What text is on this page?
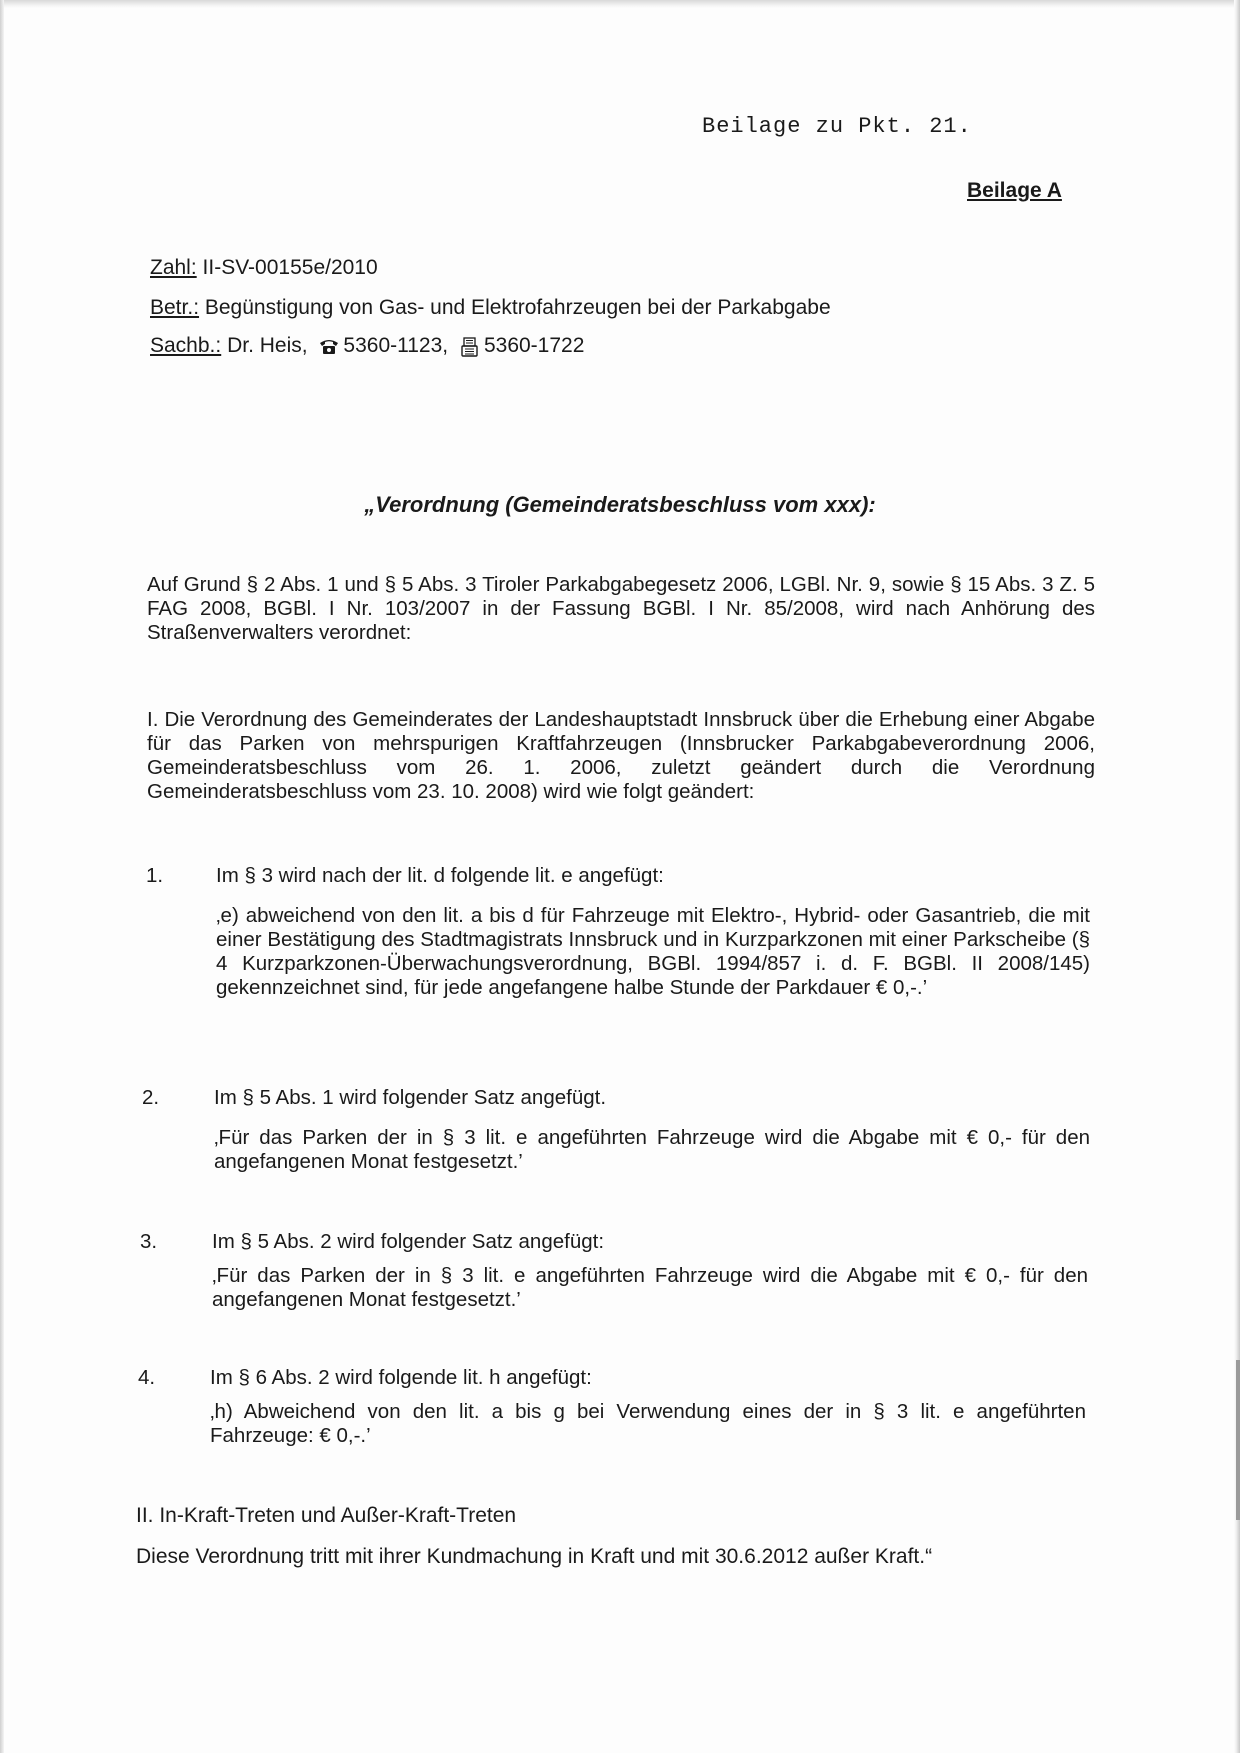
Beilage zu Pkt. 21.
Beilage A
Zahl: II-SV-00155e/2010
Betr.: Begünstigung von Gas- und Elektrofahrzeugen bei der Parkabgabe
Sachb.: Dr. Heis, 5360-1123, 5360-1722
„Verordnung (Gemeinderatsbeschluss vom xxx):
Auf Grund § 2 Abs. 1 und § 5 Abs. 3 Tiroler Parkabgabegesetz 2006, LGBl. Nr. 9, sowie § 15 Abs. 3 Z. 5 FAG 2008, BGBl. I Nr. 103/2007 in der Fassung BGBl. I Nr. 85/2008, wird nach Anhörung des Straßenverwalters verordnet:
I. Die Verordnung des Gemeinderates der Landeshauptstadt Innsbruck über die Erhebung einer Abgabe für das Parken von mehrspurigen Kraftfahrzeugen (Innsbrucker Parkabgabeverordnung 2006, Gemeinderatsbeschluss vom 26. 1. 2006, zuletzt geändert durch die Verordnung Gemeinderatsbeschluss vom 23. 10. 2008) wird wie folgt geändert:
1.	Im § 3 wird nach der lit. d folgende lit. e angefügt:
‚e) abweichend von den lit. a bis d für Fahrzeuge mit Elektro-, Hybrid- oder Gasantrieb, die mit einer Bestätigung des Stadtmagistrats Innsbruck und in Kurzparkzonen mit einer Parkscheibe (§ 4 Kurzparkzonen-Überwachungsverordnung, BGBl. 1994/857 i. d. F. BGBl. II 2008/145) gekennzeichnet sind, für jede angefangene halbe Stunde der Parkdauer € 0,-.’
2.	Im § 5 Abs. 1 wird folgender Satz angefügt.
‚Für das Parken der in § 3 lit. e angeführten Fahrzeuge wird die Abgabe mit € 0,- für den angefangenen Monat festgesetzt.’
3.	Im § 5 Abs. 2 wird folgender Satz angefügt:
‚Für das Parken der in § 3 lit. e angeführten Fahrzeuge wird die Abgabe mit € 0,- für den angefangenen Monat festgesetzt.’
4.	Im § 6 Abs. 2 wird folgende lit. h angefügt:
‚h) Abweichend von den lit. a bis g bei Verwendung eines der in § 3 lit. e angeführten Fahrzeuge: € 0,-.’
II. In-Kraft-Treten und Außer-Kraft-Treten
Diese Verordnung tritt mit ihrer Kundmachung in Kraft und mit 30.6.2012 außer Kraft.“
